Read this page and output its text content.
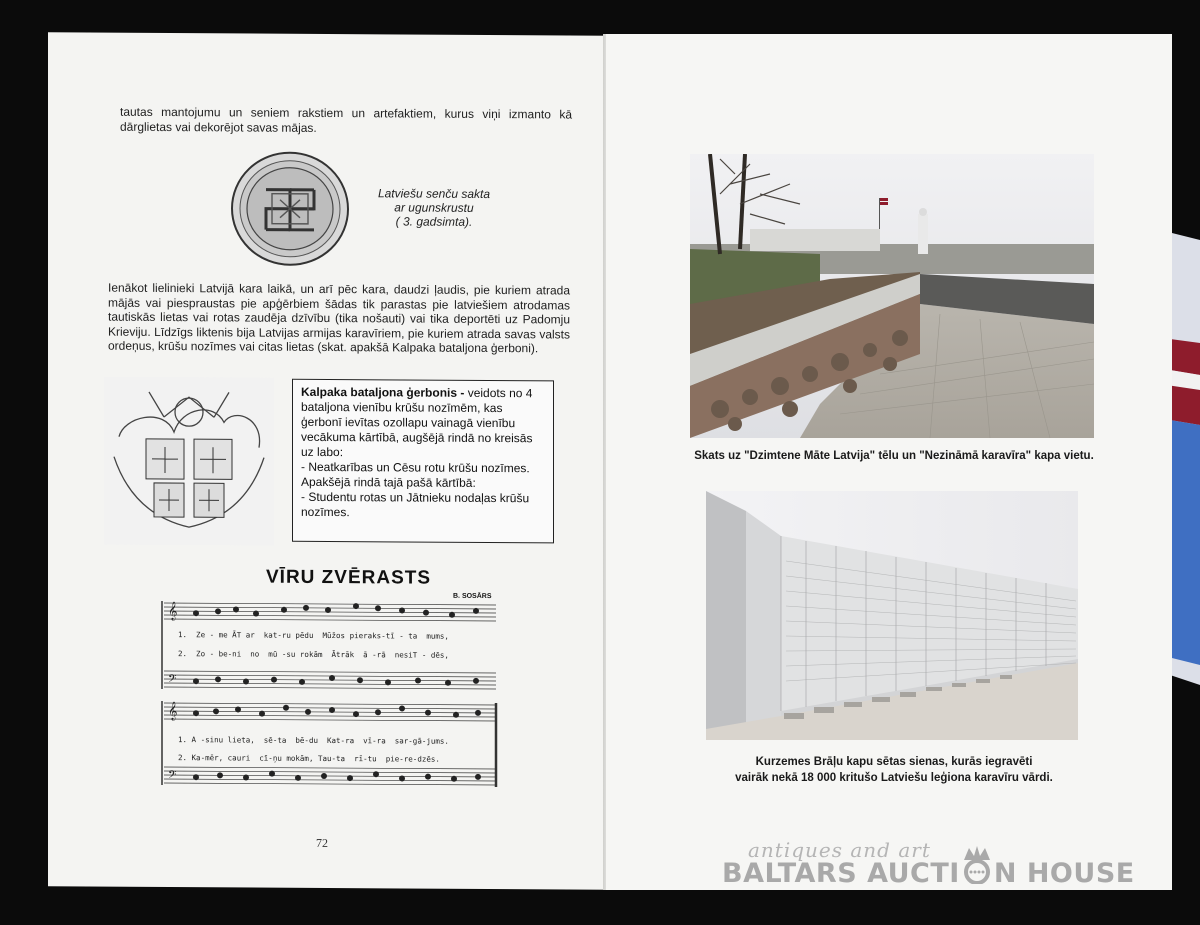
tautas mantojumu un seniem rakstiem un artefaktiem, kurus viņi izmanto kā dārglietas vai dekorējot savas mājas.
Latviešu senču sakta
ar ugunskrustu
( 3. gadsimta).
Ienākot lielinieki Latvijā kara laikā, un arī pēc kara, daudzi ļaudis, pie kuriem atrada mājās vai piespraustas pie apģērbiem šādas tik parastas pie latviešiem atrodamas tautiskās lietas vai rotas zaudēja dzīvību (tika nošauti) vai tika deportēti uz Padomju Krieviju. Līdzīgs liktenis bija Latvijas armijas karavīriem, pie kuriem atrada savas valsts ordeņus, krūšu nozīmes vai citas lietas (skat. apakšā Kalpaka bataljona ģerboni).
Kalpaka bataljona ģerbonis - veidots no 4 bataljona vienību krūšu nozīmēm, kas ģerbonī ievītas ozollapu vainagā vienību vecākuma kārtībā, augšējā rindā no kreisās uz labo:
- Neatkarības un Cēsu rotu krūšu nozīmes.
Apakšējā rindā tajā pašā kārtībā:
- Studentu rotas un Jātnieku nodaļas krūšu nozīmes.
VĪRU ZVĒRASTS
B. SOSĀRS
𝄞
𝄞
𝄢
𝄢
1.  Ze - me ĀT ar  kat-ru pēdu  Mūžos pieraks-tī - ta  mums,
2.  Zo - be-ni  no  mū -su rokām  Ātrāk  ā -rā  nesiT - dēs,
1. A -sinu lieta,  sē-ta  bē-du  Kat-ra  vī-ra  sar-gā-jums.
2. Ka-mēr, cauri  cī-ņu mokām, Tau-ta  rī-tu  pie-re-dzēs.
72
Skats uz "Dzimtene Māte Latvija" tēlu un "Nezināmā karavīra" kapa vietu.
Kurzemes Brāļu kapu sētas sienas, kurās iegravēti
vairāk nekā 18 000 kritušo Latviešu leģiona karavīru vārdi.
antiques and art
BALTARS AUCTI N HOUSE
